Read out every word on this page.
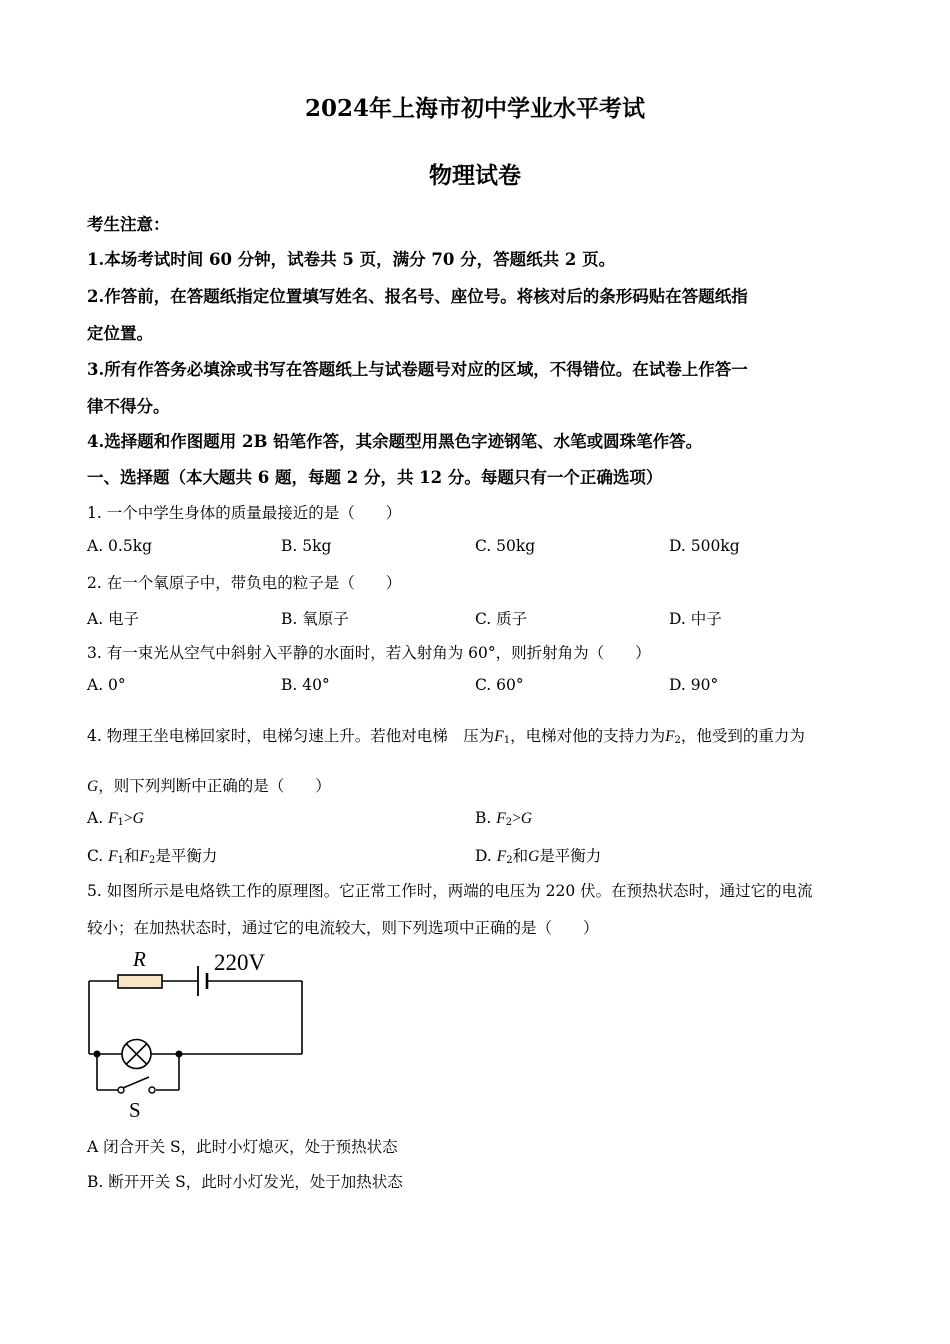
2024年上海市初中学业水平考试
物理试卷
考生注意：
1.本场考试时间 60 分钟，试卷共 5 页，满分 70 分，答题纸共 2 页。
2.作答前，在答题纸指定位置填写姓名、报名号、座位号。将核对后的条形码贴在答题纸指
定位置。
3.所有作答务必填涂或书写在答题纸上与试卷题号对应的区域，不得错位。在试卷上作答一
律不得分。
4.选择题和作图题用 2B 铅笔作答，其余题型用黑色字迹钢笔、水笔或圆珠笔作答。
一、选择题（本大题共 6 题，每题 2 分，共 12 分。每题只有一个正确选项）
1. 一个中学生身体的质量最接近的是（　　）
A. 0.5kg	B. 5kg	C. 50kg	D. 500kg
2. 在一个氧原子中，带负电的粒子是（　　）
A. 电子	B. 氧原子	C. 质子	D. 中子
3. 有一束光从空气中斜射入平静的水面时，若入射角为 60°，则折射角为（　　）
A. 0°	B. 40°	C. 60°	D. 90°
4. 物理王坐电梯回家时，电梯匀速上升。若他对电梯　压为$F_1$，电梯对他的支持力为$F_2$，他受到的重力为
G，则下列判断中正确的是（　　）
A. $F_1>G$	B. $F_2>G$
C. $F_1$和$F_2$是平衡力	D. $F_2$和G是平衡力
5. 如图所示是电烙铁工作的原理图。它正常工作时，两端的电压为 220 伏。在预热状态时，通过它的电流
较小；在加热状态时，通过它的电流较大，则下列选项中正确的是（　　）
R	220V
S
A 闭合开关 S，此时小灯熄灭，处于预热状态
B. 断开开关 S，此时小灯发光，处于加热状态
